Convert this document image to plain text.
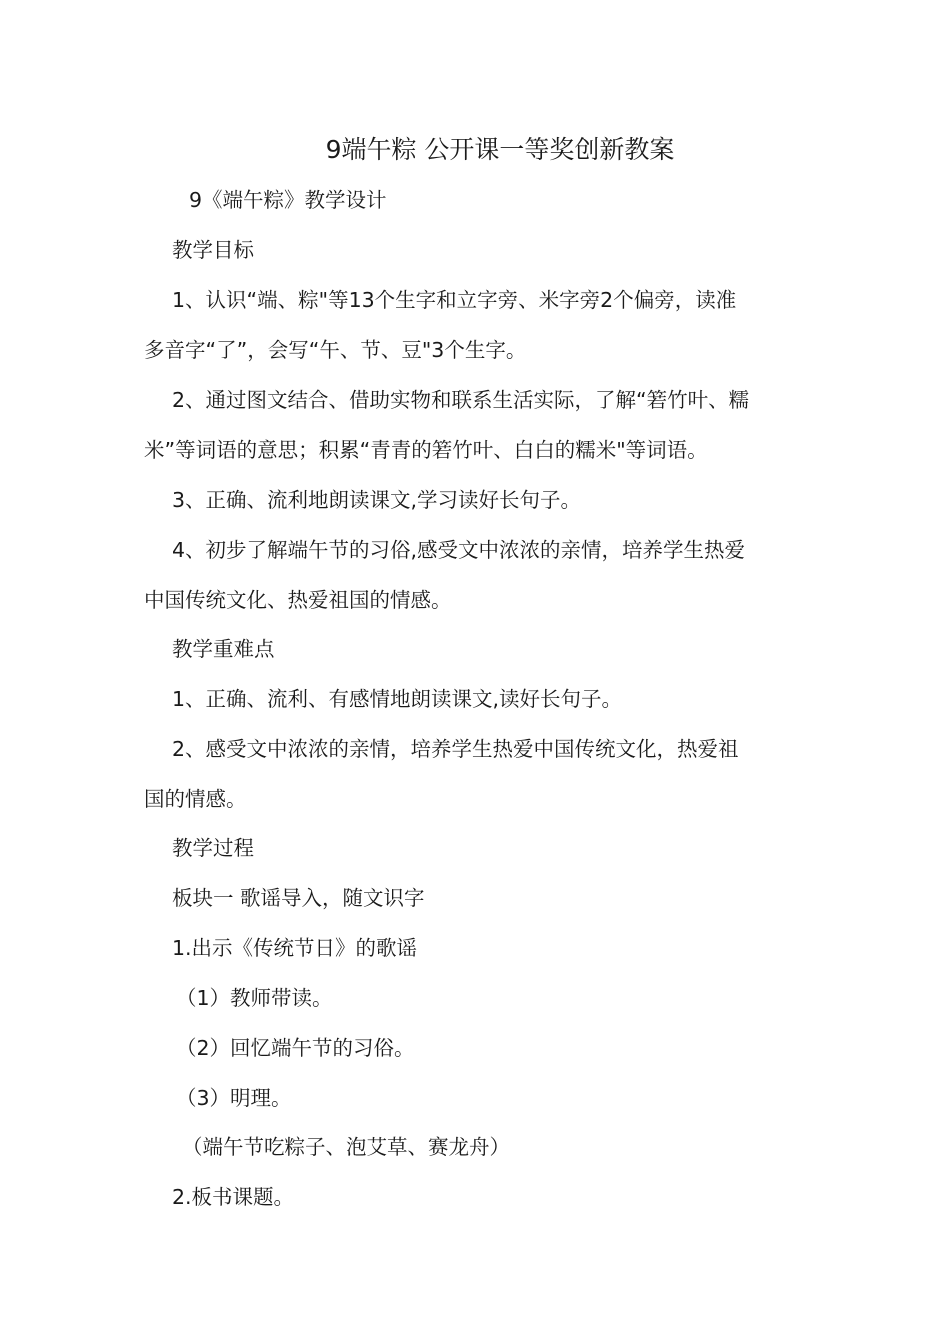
9端午粽 公开课一等奖创新教案
9《端午粽》教学设计
教学目标
1、认识“端、粽"等13个生字和立字旁、米字旁2个偏旁，读准
多音字“了”，会写“午、节、豆"3个生字。
2、通过图文结合、借助实物和联系生活实际，了解“箬竹叶、糯
米”等词语的意思；积累“青青的箬竹叶、白白的糯米"等词语。
3、正确、流利地朗读课文,学习读好长句子。
4、初步了解端午节的习俗,感受文中浓浓的亲情，培养学生热爱
中国传统文化、热爱祖国的情感。
教学重难点
1、正确、流利、有感情地朗读课文,读好长句子。
2、感受文中浓浓的亲情，培养学生热爱中国传统文化，热爱祖
国的情感。
教学过程
板块一 歌谣导入，随文识字
1.出示《传统节日》的歌谣
（1）教师带读。
（2）回忆端午节的习俗。
（3）明理。
（端午节吃粽子、泡艾草、赛龙舟）
2.板书课题。
